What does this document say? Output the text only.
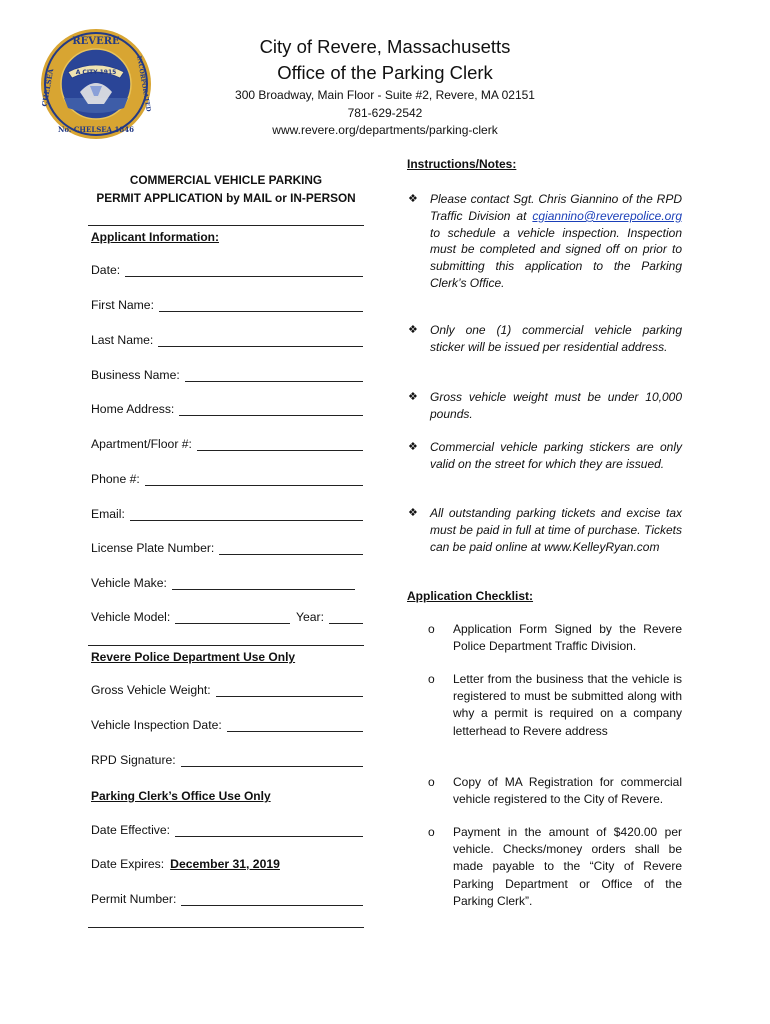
REVERE
A CITY 1915
CHELSEA	INCORPORATED
No. CHELSEA 1846
City of Revere, Massachusetts
Office of the Parking Clerk
300 Broadway, Main Floor - Suite #2, Revere, MA 02151
781-629-2542
www.revere.org/departments/parking-clerk
COMMERCIAL VEHICLE PARKING
PERMIT APPLICATION by MAIL or IN-PERSON
Applicant Information:
Date:
First Name:
Last Name:
Business Name:
Home Address:
Apartment/Floor #:
Phone #:
Email:
License Plate Number:
Vehicle Make:
Vehicle Model:	Year:
Revere Police Department Use Only
Gross Vehicle Weight:
Vehicle Inspection Date:
RPD Signature:
Parking Clerk’s Office Use Only
Date Effective:
Date Expires: December 31, 2019
Permit Number:
Instructions/Notes:
❖ Please contact Sgt. Chris Giannino of the RPD Traffic Division at cgiannino@reverepolice.org to schedule a vehicle inspection. Inspection must be completed and signed off on prior to submitting this application to the Parking Clerk’s Office.
❖ Only one (1) commercial vehicle parking sticker will be issued per residential address.
❖ Gross vehicle weight must be under 10,000 pounds.
❖ Commercial vehicle parking stickers are only valid on the street for which they are issued.
❖ All outstanding parking tickets and excise tax must be paid in full at time of purchase. Tickets can be paid online at www.KelleyRyan.com
Application Checklist:
o Application Form Signed by the Revere Police Department Traffic Division.
o Letter from the business that the vehicle is registered to must be submitted along with why a permit is required on a company letterhead to Revere address
o Copy of MA Registration for commercial vehicle registered to the City of Revere.
o Payment in the amount of $420.00 per vehicle. Checks/money orders shall be made payable to the “City of Revere Parking Department or Office of the Parking Clerk”.
